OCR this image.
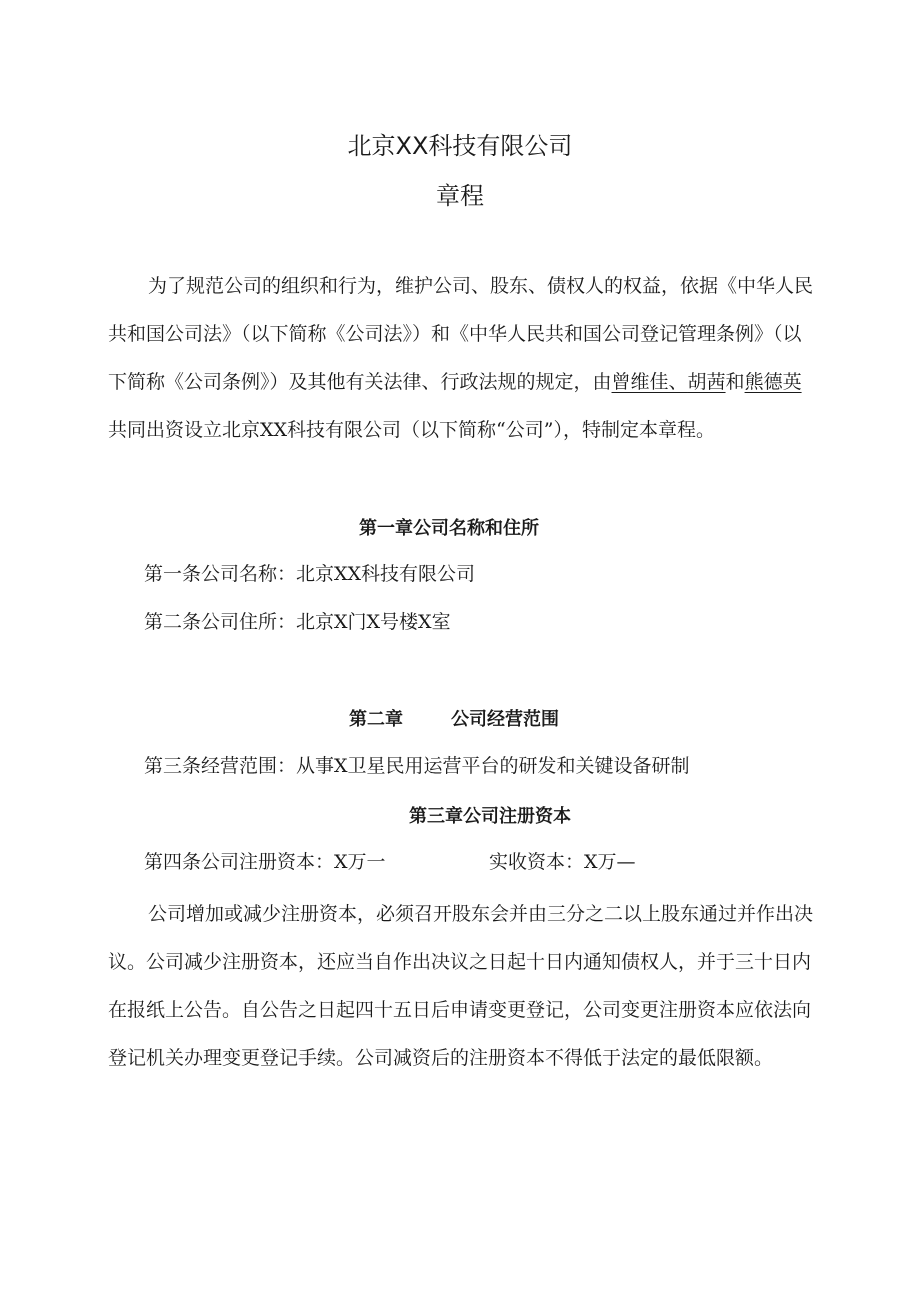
北京XX科技有限公司
章程
为了规范公司的组织和行为，维护公司、股东、债权人的权益，依据《中华人民共和国公司法》（以下简称《公司法》）和《中华人民共和国公司登记管理条例》（以下简称《公司条例》）及其他有关法律、行政法规的规定，由曾维佳、胡茜和熊德英共同出资设立北京XX科技有限公司（以下简称“公司”），特制定本章程。
第一章公司名称和住所
第一条公司名称：北京XX科技有限公司
第二条公司住所：北京X门X号楼X室
第二章	公司经营范围
第三条经营范围：从事X卫星民用运营平台的研发和关键设备研制
第三章公司注册资本
第四条公司注册资本：X万一	实收资本：X万—
公司增加或减少注册资本，必须召开股东会并由三分之二以上股东通过并作出决议。公司减少注册资本，还应当自作出决议之日起十日内通知债权人，并于三十日内在报纸上公告。自公告之日起四十五日后申请变更登记，公司变更注册资本应依法向登记机关办理变更登记手续。公司减资后的注册资本不得低于法定的最低限额。
